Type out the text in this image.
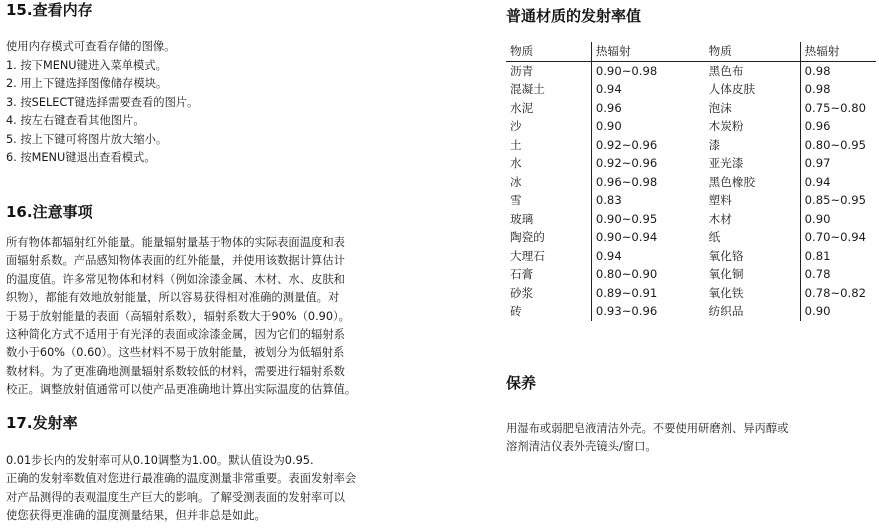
15.查看内存

使用内存模式可查看存储的图像。

1. 按下MENU键进入菜单模式。
2. 用上下键选择图像储存模块。
3. 按SELECT键选择需要查看的图片。
4. 按左右键查看其他图片。
5. 按上下键可将图片放大缩小。
6. 按MENU键退出查看模式。
16.注意事项
所有物体都辐射红外能量。能量辐射量基于物体的实际表面温度和表
面辐射系数。产品感知物体表面的红外能量，并使用该数据计算估计
的温度值。许多常见物体和材料（例如涂漆金属、木材、水、皮肤和
织物），都能有效地放射能量，所以容易获得相对准确的测量值。对
于易于放射能量的表面（高辐射系数），辐射系数大于90%（0.90）。
这种简化方式不适用于有光泽的表面或涂漆金属，因为它们的辐射系
数小于60%（0.60）。这些材料不易于放射能量，被划分为低辐射系
数材料。为了更准确地测量辐射系数较低的材料，需要进行辐射系数
校正。调整放射值通常可以使产品更准确地计算出实际温度的估算值。
17.发射率
0.01步长内的发射率可从0.10调整为1.00。默认值设为0.95.
正确的发射率数值对您进行最准确的温度测量非常重要。表面发射率会
对产品测得的表观温度生产巨大的影响。了解受测表面的发射率可以
使您获得更准确的温度测量结果，但并非总是如此。
普通材质的发射率值
物质	热辐射	物质	热辐射
沥青	0.90~0.98	黑色布	0.98
混凝土	0.94	人体皮肤	0.98
水泥	0.96	泡沫	0.75~0.80
沙	0.90	木炭粉	0.96
土	0.92~0.96	漆	0.80~0.95
水	0.92~0.96	亚光漆	0.97
冰	0.96~0.98	黑色橡胶	0.94
雪	0.83	塑料	0.85~0.95
玻璃	0.90~0.95	木材	0.90
陶瓷的	0.90~0.94	纸	0.70~0.94
大理石	0.94	氧化铬	0.81
石膏	0.80~0.90	氧化铜	0.78
砂浆	0.89~0.91	氧化铁	0.78~0.82
砖	0.93~0.96	纺织品	0.90
保养
用湿布或弱肥皂液清洁外壳。不要使用研磨剂、异丙醇或
溶剂清洁仪表外壳镜头/窗口。
